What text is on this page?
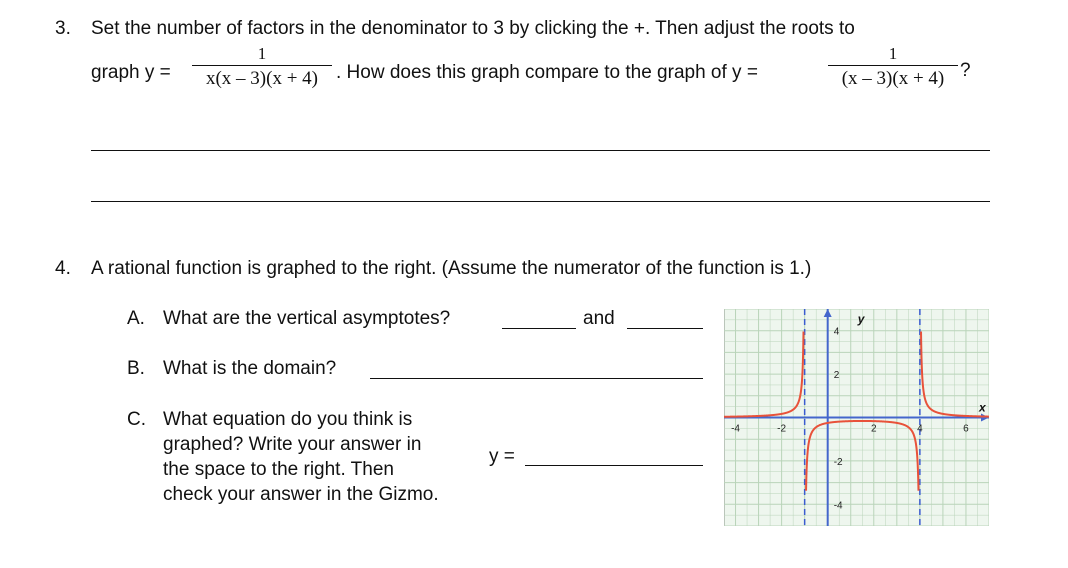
3. Set the number of factors in the denominator to 3 by clicking the +. Then adjust the roots to
graph y =
1
x(x – 3)(x + 4) . How does this graph compare to the graph of y =
1
(x – 3)(x + 4) ?
4. A rational function is graphed to the right. (Assume the numerator of the function is 1.)
A. What are the vertical asymptotes?	and
B. What is the domain?
C. What equation do you think is
graphed? Write your answer in
the space to the right. Then
check your answer in the Gizmo.
y =
-4	-2	2	4	6
4
2
-2
-4
x
y
